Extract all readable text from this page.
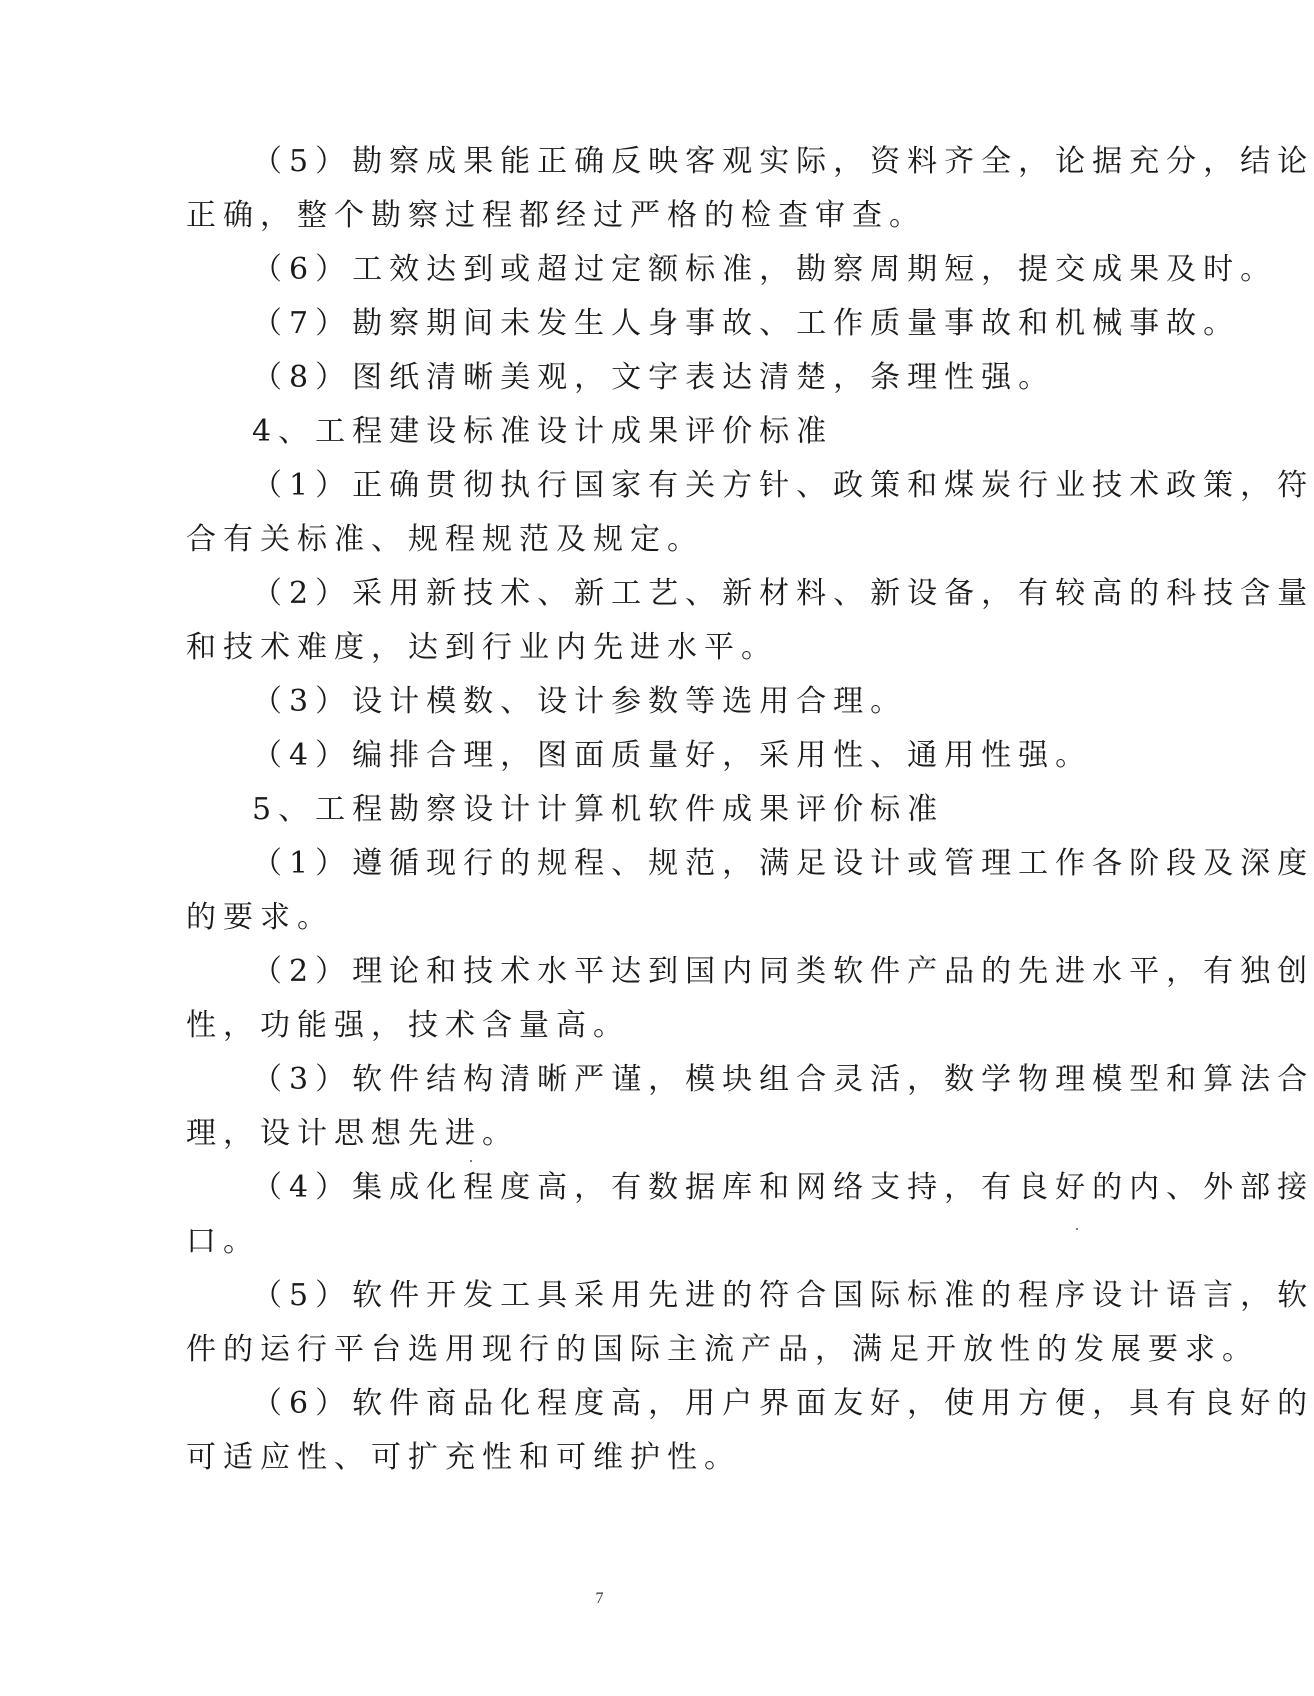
（5）勘察成果能正确反映客观实际，资料齐全，论据充分，结论
正确，整个勘察过程都经过严格的检查审查。
（6）工效达到或超过定额标准，勘察周期短，提交成果及时。
（7）勘察期间未发生人身事故、工作质量事故和机械事故。
（8）图纸清晰美观，文字表达清楚，条理性强。
4、工程建设标准设计成果评价标准
（1）正确贯彻执行国家有关方针、政策和煤炭行业技术政策，符
合有关标准、规程规范及规定。
（2）采用新技术、新工艺、新材料、新设备，有较高的科技含量
和技术难度，达到行业内先进水平。
（3）设计模数、设计参数等选用合理。
（4）编排合理，图面质量好，采用性、通用性强。
5、工程勘察设计计算机软件成果评价标准
（1）遵循现行的规程、规范，满足设计或管理工作各阶段及深度
的要求。
（2）理论和技术水平达到国内同类软件产品的先进水平，有独创
性，功能强，技术含量高。
（3）软件结构清晰严谨，模块组合灵活，数学物理模型和算法合
理，设计思想先进。
（4）集成化程度高，有数据库和网络支持，有良好的内、外部接
口。
（5）软件开发工具采用先进的符合国际标准的程序设计语言，软
件的运行平台选用现行的国际主流产品，满足开放性的发展要求。
（6）软件商品化程度高，用户界面友好，使用方便，具有良好的
可适应性、可扩充性和可维护性。
7
